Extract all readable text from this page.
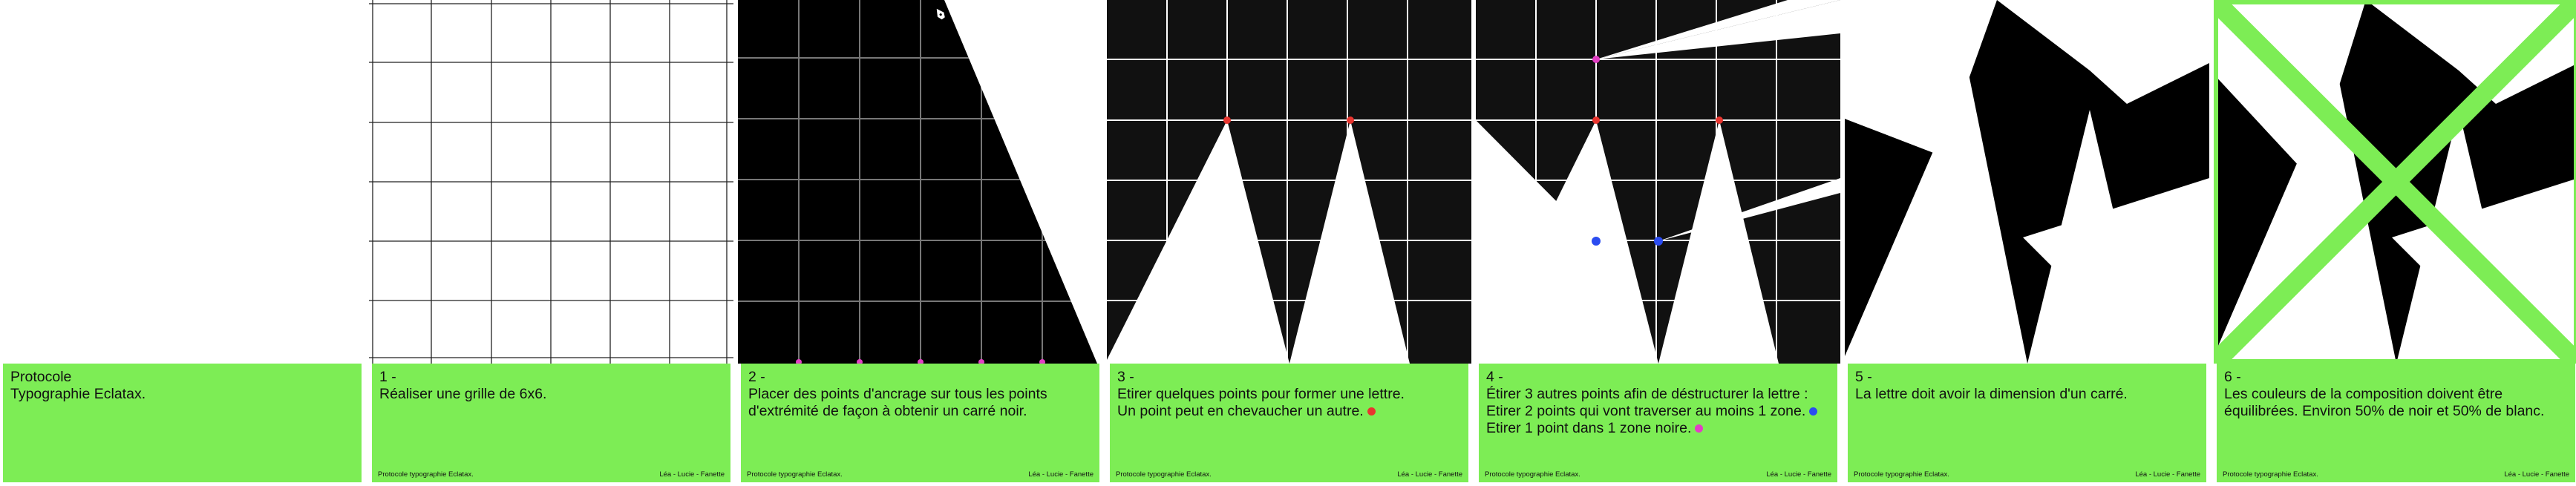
Protocole
Typographie Eclatax.
1 -
Réaliser une grille de 6x6.
Protocole typographie Eclatax.	Léa - Lucie - Fanette
2 -
Placer des points d'ancrage sur tous les points
d'extrémité de façon à obtenir un carré noir.
Protocole typographie Eclatax.	Léa - Lucie - Fanette
3 -
Etirer quelques points pour former une lettre.
Un point peut en chevaucher un autre.
Protocole typographie Eclatax.	Léa - Lucie - Fanette
4 -
Étirer 3 autres points afin de déstructurer la lettre :
Etirer 2 points qui vont traverser au moins 1 zone.
Etirer 1 point dans 1 zone noire.
Protocole typographie Eclatax.	Léa - Lucie - Fanette
5 -
La lettre doit avoir la dimension d'un carré.
Protocole typographie Eclatax.	Léa - Lucie - Fanette
6 -
Les couleurs de la composition doivent être
équilibrées. Environ 50% de noir et 50% de blanc.
Protocole typographie Eclatax.	Léa - Lucie - Fanette
